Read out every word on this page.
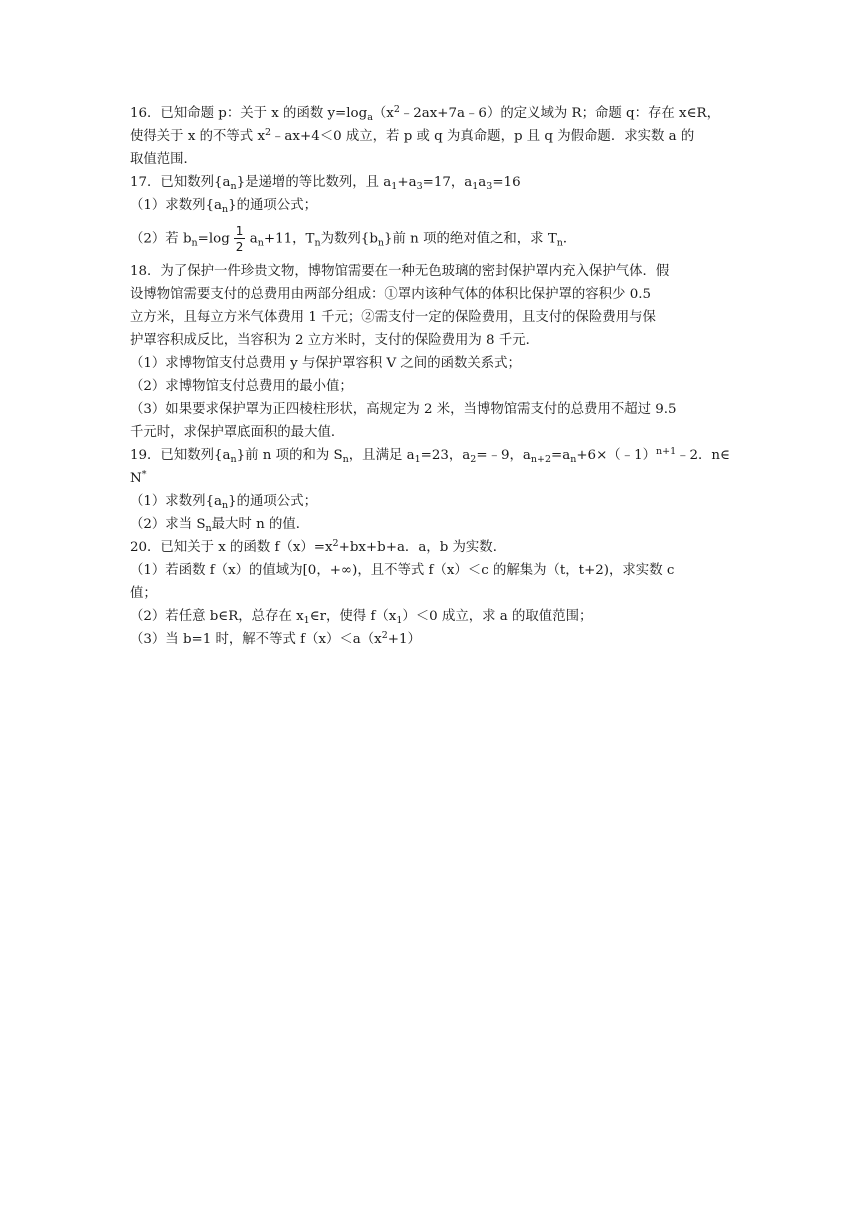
16．已知命题 p：关于 x 的函数 $y=\log_a(x^2﹣2ax+7a﹣6)$的定义域为 R；命题 q：存在 x∈R，
使得关于 x 的不等式 $x^2﹣ax+4<0$ 成立，若 p 或 q 为真命题，p 且 q 为假命题．求实数 a 的
取值范围．
17．已知数列$\{a_n\}$是递增的等比数列，且 $a_1+a_3=17$，$a_1a_3=16$
（1）求数列$\{a_n\}$的通项公式；
（2）若 $b_n=\log \frac{1}{2} a_n+11$，$T_n$为数列$\{b_n\}$前 n 项的绝对值之和，求 $T_n$．
18．为了保护一件珍贵文物，博物馆需要在一种无色玻璃的密封保护罩内充入保护气体．假
设博物馆需要支付的总费用由两部分组成：①罩内该种气体的体积比保护罩的容积少 0.5
立方米，且每立方米气体费用 1 千元；②需支付一定的保险费用，且支付的保险费用与保
护罩容积成反比，当容积为 2 立方米时，支付的保险费用为 8 千元．
（1）求博物馆支付总费用 y 与保护罩容积 V 之间的函数关系式；
（2）求博物馆支付总费用的最小值；
（3）如果要求保护罩为正四棱柱形状，高规定为 2 米，当博物馆需支付的总费用不超过 9.5
千元时，求保护罩底面积的最大值．
19．已知数列$\{a_n\}$前 n 项的和为 $S_n$，且满足 $a_1=23$，$a_2=﹣9$，$a_{n+2}=a_n+6\times(﹣1)^{n+1}﹣2$．n∈
N*
（1）求数列$\{a_n\}$的通项公式；
（2）求当 $S_n$最大时 n 的值．
20．已知关于 x 的函数 $f(x)=x^2+bx+b+a$．a，b 为实数．
（1）若函数 f（x）的值域为[0，+∞)，且不等式 f（x）＜c 的解集为（t，t+2)，求实数 c
值；
（2）若任意 b∈R，总存在 $x_1\in r$，使得 $f(x_1)<0$ 成立，求 a 的取值范围；
（3）当 b=1 时，解不等式 $f(x)<a(x^2+1)$
